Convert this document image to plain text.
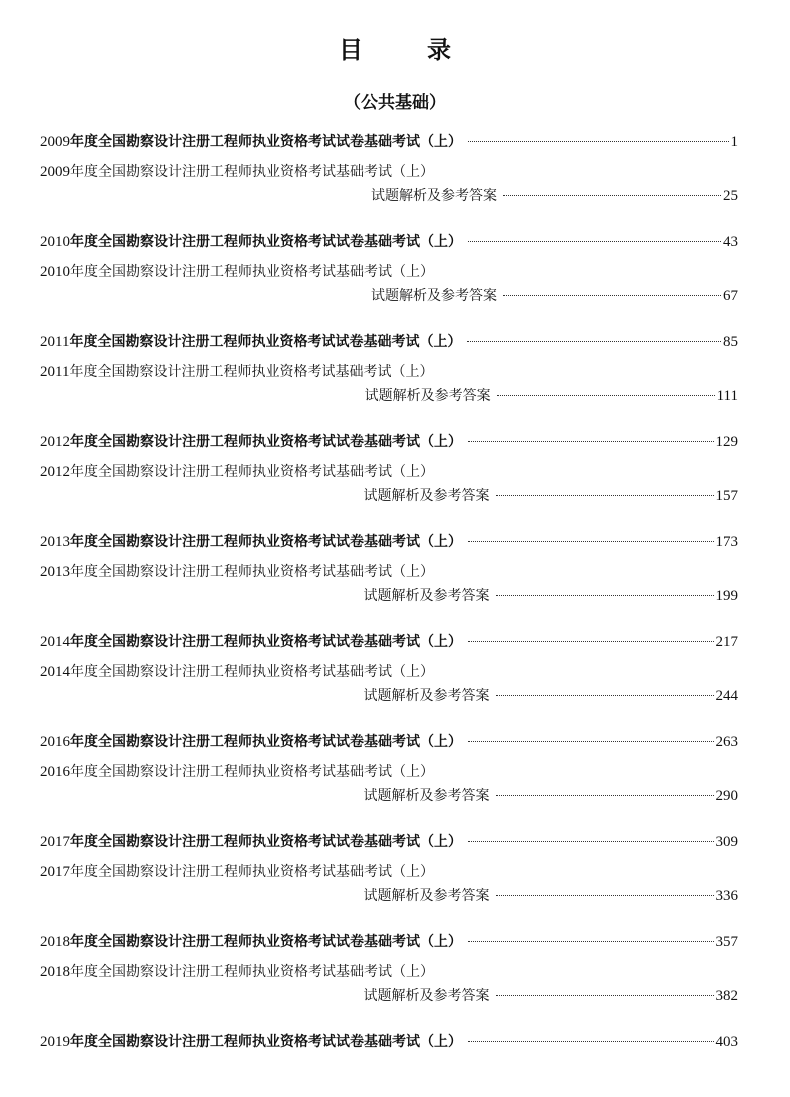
目　录
（公共基础）
2009 年度全国勘察设计注册工程师执业资格考试试卷基础考试（上）	1
2009 年度全国勘察设计注册工程师执业资格考试基础考试（上）
试题解析及参考答案	25
2010 年度全国勘察设计注册工程师执业资格考试试卷基础考试（上）	43
2010 年度全国勘察设计注册工程师执业资格考试基础考试（上）
试题解析及参考答案	67
2011 年度全国勘察设计注册工程师执业资格考试试卷基础考试（上）	85
2011 年度全国勘察设计注册工程师执业资格考试基础考试（上）
试题解析及参考答案	111
2012 年度全国勘察设计注册工程师执业资格考试试卷基础考试（上）	129
2012 年度全国勘察设计注册工程师执业资格考试基础考试（上）
试题解析及参考答案	157
2013 年度全国勘察设计注册工程师执业资格考试试卷基础考试（上）	173
2013 年度全国勘察设计注册工程师执业资格考试基础考试（上）
试题解析及参考答案	199
2014 年度全国勘察设计注册工程师执业资格考试试卷基础考试（上）	217
2014 年度全国勘察设计注册工程师执业资格考试基础考试（上）
试题解析及参考答案	244
2016 年度全国勘察设计注册工程师执业资格考试试卷基础考试（上）	263
2016 年度全国勘察设计注册工程师执业资格考试基础考试（上）
试题解析及参考答案	290
2017 年度全国勘察设计注册工程师执业资格考试试卷基础考试（上）	309
2017 年度全国勘察设计注册工程师执业资格考试基础考试（上）
试题解析及参考答案	336
2018 年度全国勘察设计注册工程师执业资格考试试卷基础考试（上）	357
2018 年度全国勘察设计注册工程师执业资格考试基础考试（上）
试题解析及参考答案	382
2019 年度全国勘察设计注册工程师执业资格考试试卷基础考试（上）	403
